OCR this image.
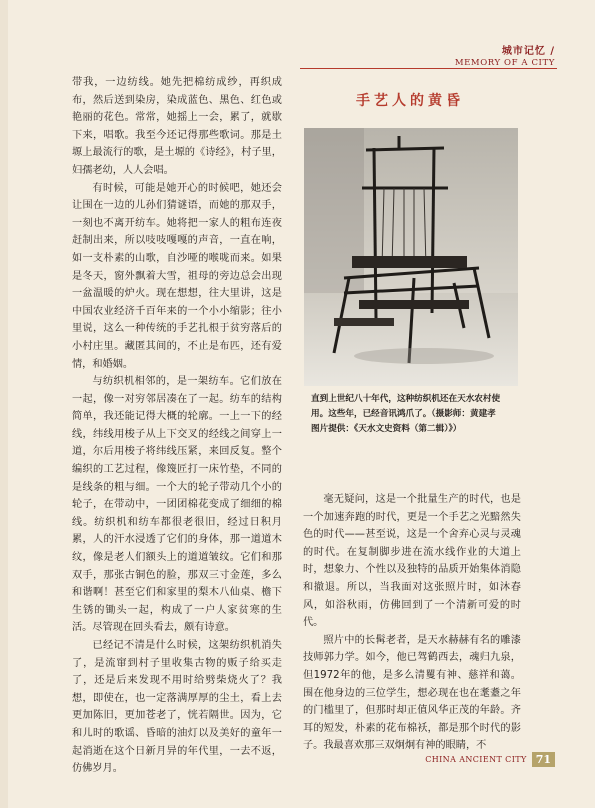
城市记忆 /
MEMORY OF A CITY

带我，一边纺线。她先把棉纺成纱，再织成布，然后送到染房，染成蓝色、黑色、红色或艳丽的花色。常常，她摇上一会，累了，就歇下来，唱歌。我至今还记得那些歌词。那是土塬上最流行的歌，是土塬的《诗经》，村子里，妇孺老幼，人人会唱。

有时候，可能是她开心的时候吧，她还会让围在一边的儿孙们猜谜语，而她的那双手，一刻也不离开纺车。她将把一家人的粗布连夜赶制出来，所以吱吱嘎嘎的声音，一直在响，如一支朴素的山歌，自沙哑的喉咙而来。如果是冬天，窗外飘着大雪，祖母的旁边总会出现一盆温暖的炉火。现在想想，往大里讲，这是中国农业经济千百年来的一个小小缩影；往小里说，这么一种传统的手艺扎根于贫穷落后的小村庄里。藏匿其间的，不止是布匹，还有爱情，和婚姻。

与纺织机相邻的，是一架纺车。它们放在一起，像一对穷邻居凑在了一起。纺车的结构简单，我还能记得大概的轮廓。一上一下的经线，纬线用梭子从上下交叉的经线之间穿上一道，尔后用梭子将纬线压紧，来回反复。整个编织的工艺过程，像篾匠打一床竹垫，不同的是线条的粗与细。一个大的轮子带动几个小的轮子，在带动中，一团团棉花变成了细细的棉线。纺织机和纺车都很老很旧，经过日积月累，人的汗水浸透了它们的身体，那一道道木纹，像是老人们额头上的道道皱纹。它们和那双手，那张古铜色的脸，那双三寸金莲，多么和谐啊！甚至它们和家里的梨木八仙桌、檐下生锈的锄头一起，构成了一户人家贫寒的生活。尽管现在回头看去，颇有诗意。

已经记不清是什么时候，这架纺织机消失了，是流窜到村子里收集古物的贩子给买走了，还是后来发现不用时给劈柴烧火了？我想，即使在，也一定落满厚厚的尘土，看上去更加陈旧，更加苍老了，恍若隔世。因为，它和儿时的歌谣、昏暗的油灯以及美好的童年一起消逝在这个日新月异的年代里，一去不返，仿佛岁月。

手艺人的黄昏
直到上世纪八十年代，这种纺织机还在天水农村使用。这些年，已经音讯鸿爪了。（摄影师：黄建孝　图片提供：《天水文史资料（第二辑）》）

毫无疑问，这是一个批量生产的时代，也是一个加速奔跑的时代，更是一个手艺之光黯然失色的时代——甚至说，这是一个舍弃心灵与灵魂的时代。在复制脚步进在流水线作业的大道上时，想象力、个性以及独特的品质开始集体消隐和撤退。所以，当我面对这张照片时，如沐春风，如浴秋雨，仿佛回到了一个清新可爱的时代。

照片中的长髯老者，是天水赫赫有名的雕漆技师郭力学。如今，他已驾鹤西去，魂归九泉，但1972年的他，是多么清矍有神、慈祥和蔼。围在他身边的三位学生，想必现在也在耄耋之年的门槛里了，但那时却正值风华正茂的年龄。齐耳的短发，朴素的花布棉袄，都是那个时代的影子。我最喜欢那三双炯炯有神的眼睛，不

CHINA ANCIENT CITY 71
